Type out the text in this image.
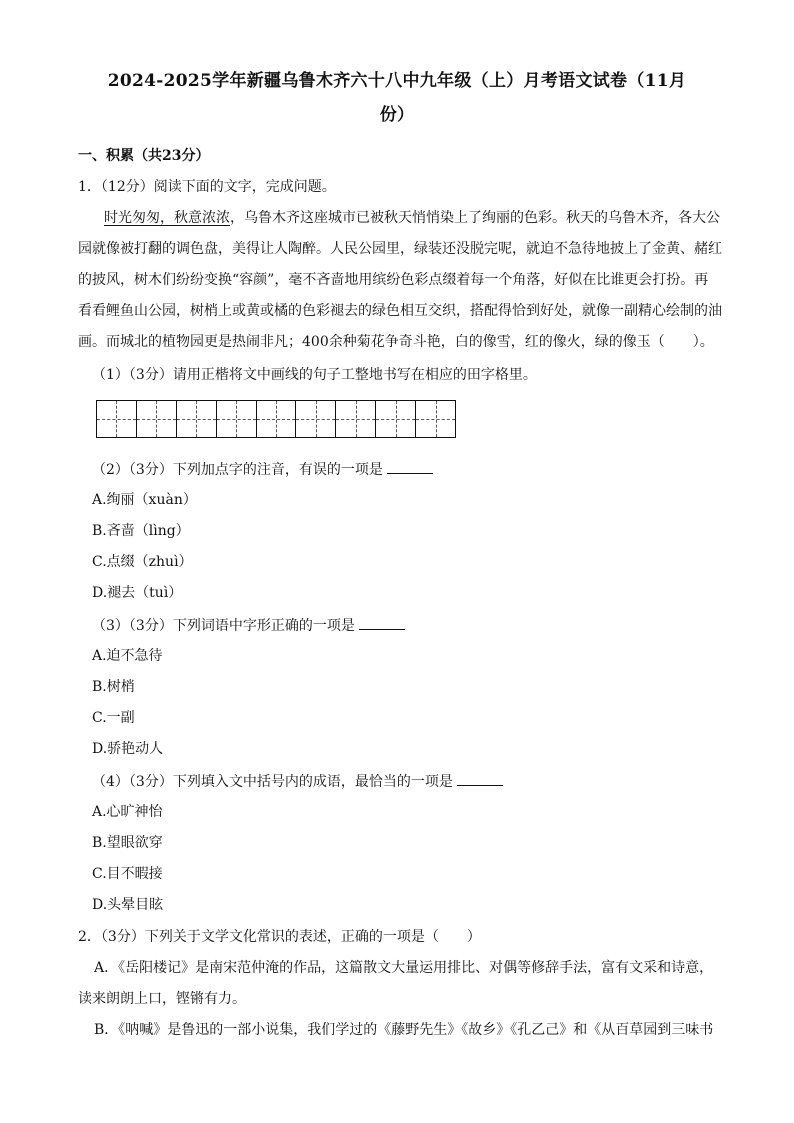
2024-2025学年新疆乌鲁木齐六十八中九年级（上）月考语文试卷（11月
份）
一、积累（共23分）
1．（12分）阅读下面的文字，完成问题。
时光匆匆，秋意浓浓，乌鲁木齐这座城市已被秋天悄悄染上了绚丽的色彩。秋天的乌鲁木齐，各大公
园就像被打翻的调色盘，美得让人陶醉。人民公园里，绿装还没脱完呢，就迫不急待地披上了金黄、赭红
的披风，树木们纷纷变换“容颜”，毫不吝啬地用缤纷色彩点缀着每一个角落，好似在比谁更会打扮。再
看看鲤鱼山公园，树梢上或黄或橘的色彩褪去的绿色相互交织，搭配得恰到好处，就像一副精心绘制的油
画。而城北的植物园更是热闹非凡；400余种菊花争奇斗艳，白的像雪，红的像火，绿的像玉（　　）。
（1）（3分）请用正楷将文中画线的句子工整地书写在相应的田字格里。
（2）（3分）下列加点字的注音，有误的一项是
A.绚丽（xuàn）
B.吝啬（lìng）
C.点缀（zhuì）
D.褪去（tuì）
（3）（3分）下列词语中字形正确的一项是
A.迫不急待
B.树梢
C.一副
D.骄艳动人
（4）（3分）下列填入文中括号内的成语，最恰当的一项是
A.心旷神怡
B.望眼欲穿
C.目不暇接
D.头晕目眩
2．（3分）下列关于文学文化常识的表述，正确的一项是（　　）
A．《岳阳楼记》是南宋范仲淹的作品，这篇散文大量运用排比、对偶等修辞手法，富有文采和诗意，
读来朗朗上口，铿锵有力。
B．《呐喊》是鲁迅的一部小说集，我们学过的《藤野先生》《故乡》《孔乙己》和《从百草园到三味书
